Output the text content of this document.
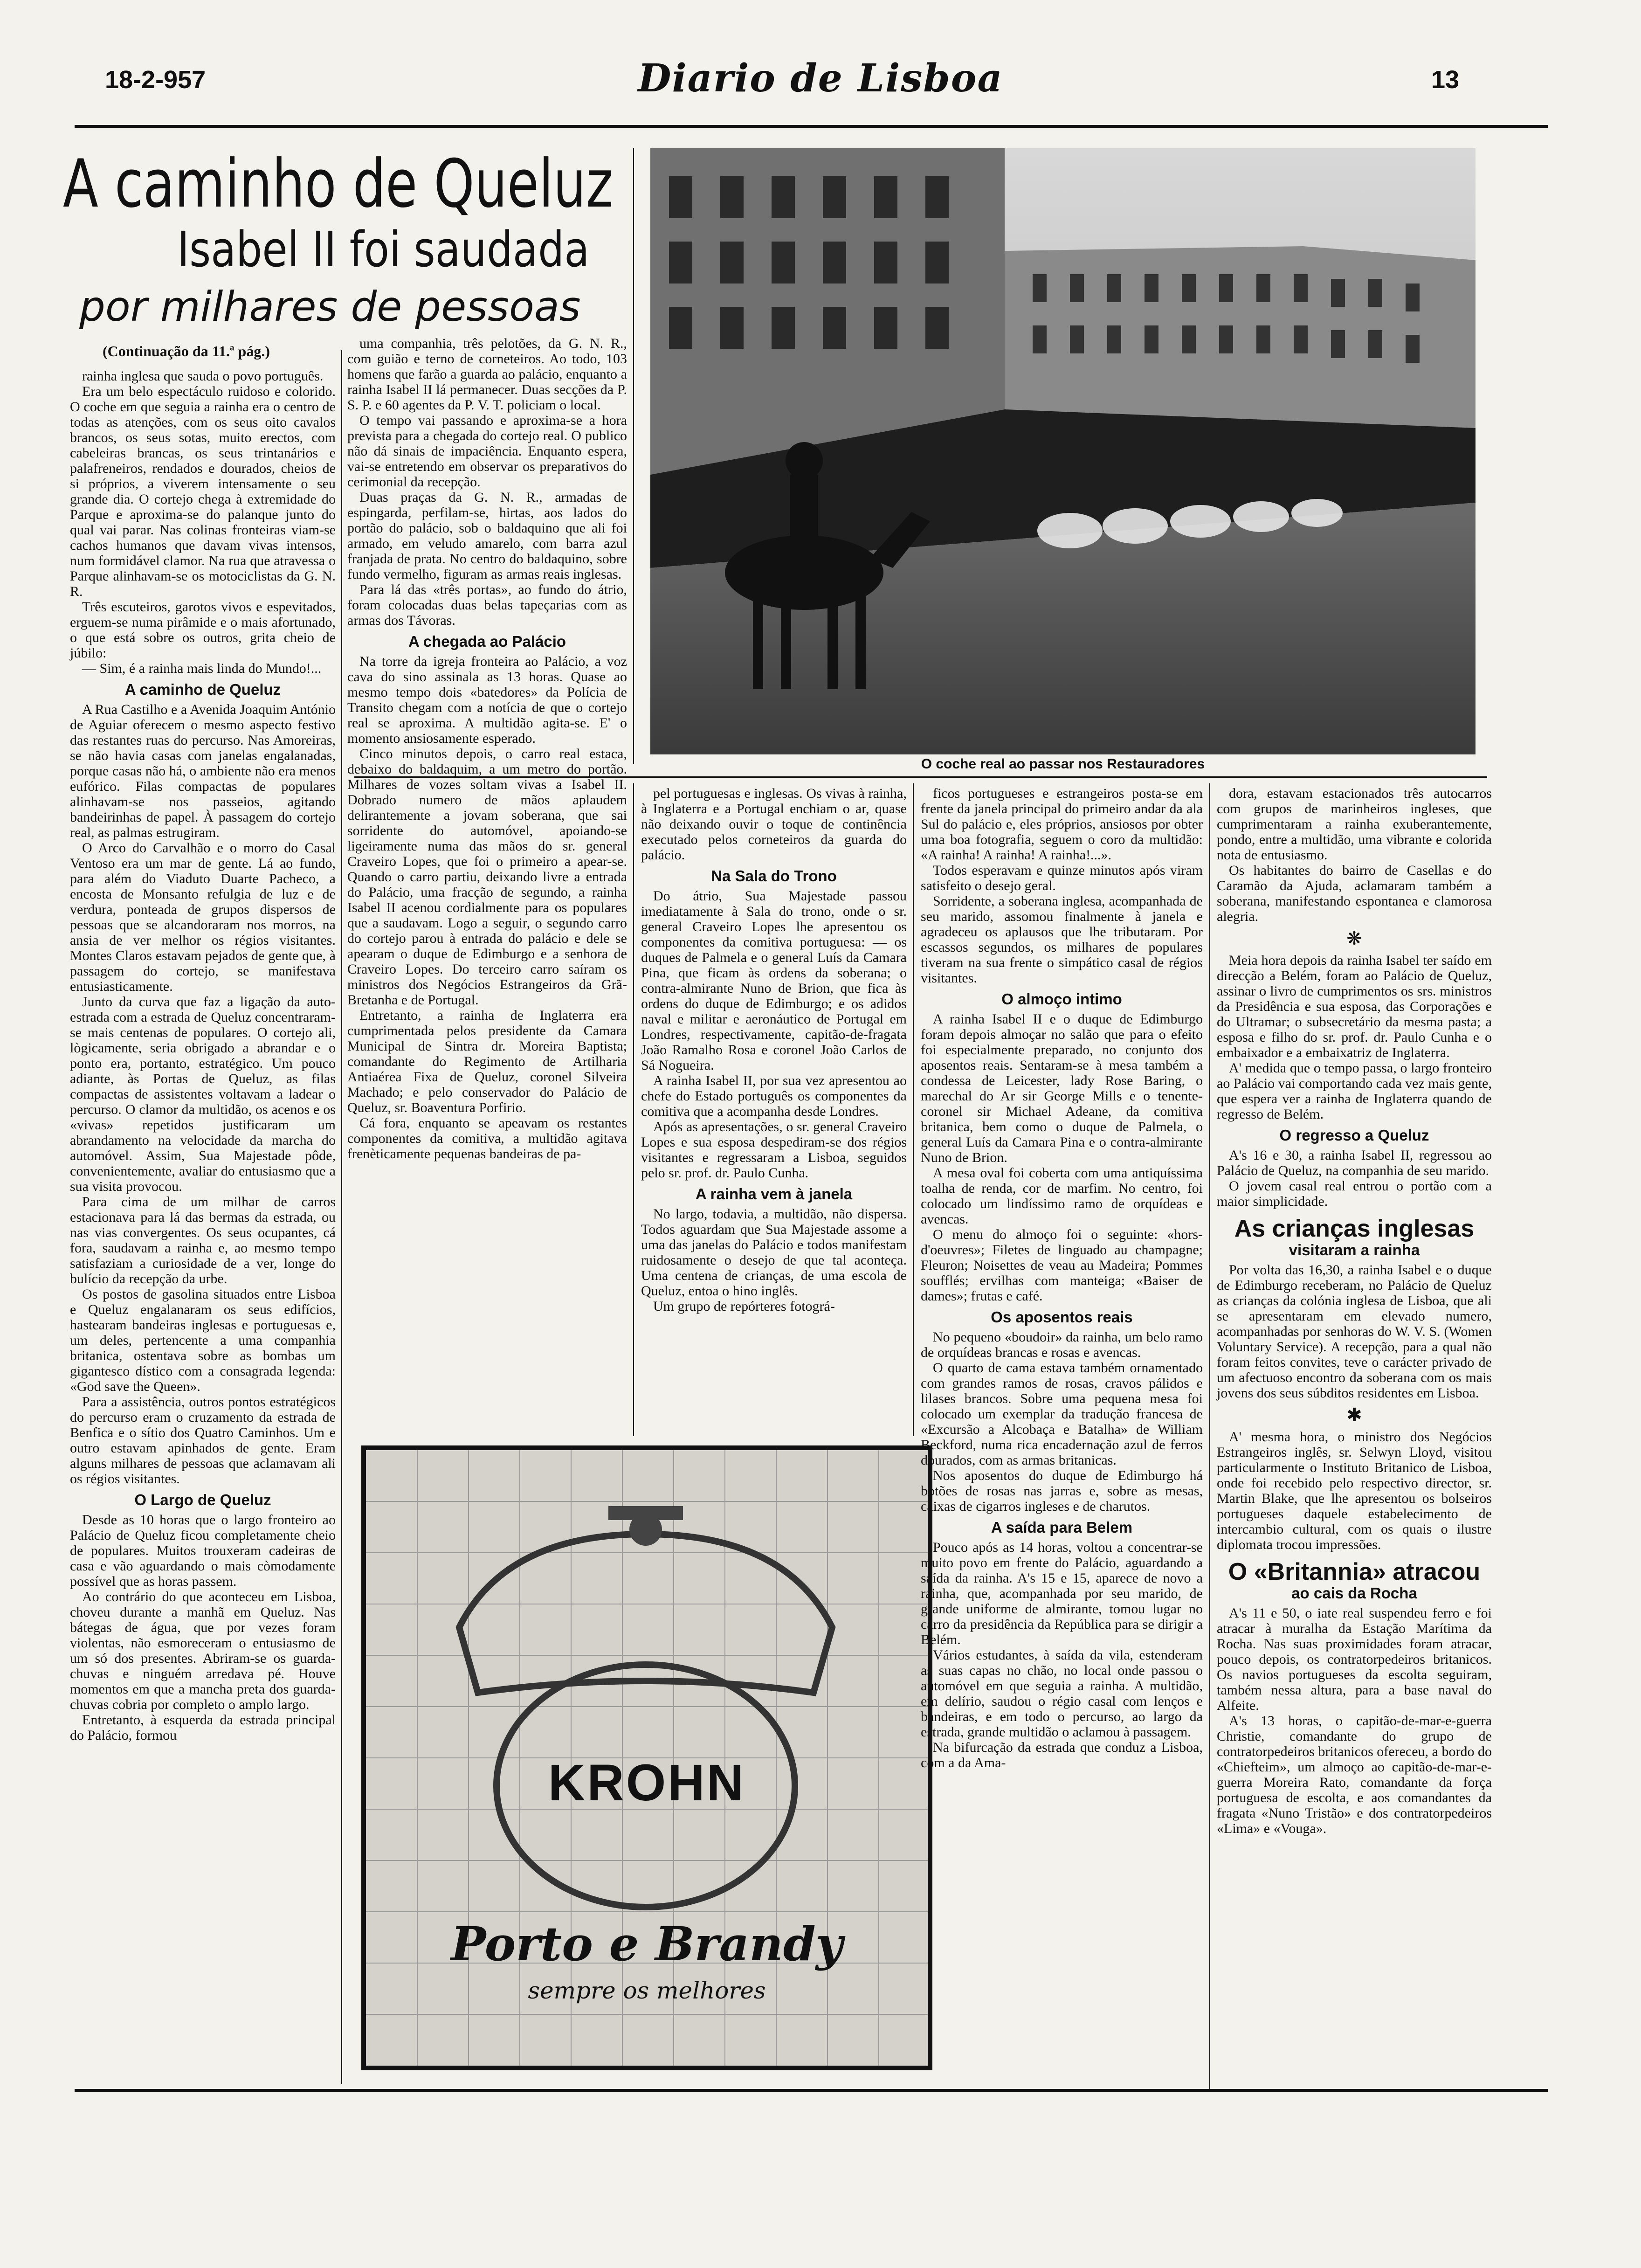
18-2-957	Diario de Lisboa	13
A caminho de Queluz
Isabel II foi saudada
por milhares de pessoas
(Continuação da 11.ª pág.)
O coche real ao passar nos Restauradores
KROHN
Porto e Brandy
sempre os melhores

rainha inglesa que sauda o povo português.

Era um belo espectáculo ruidoso e colorido. O coche em que seguia a rainha era o centro de todas as atenções, com os seus oito cavalos brancos, os seus sotas, muito erectos, com cabeleiras brancas, os seus trintanários e palafreneiros, rendados e dourados, cheios de si próprios, a viverem intensamente o seu grande dia. O cortejo chega à extremidade do Parque e aproxima-se do palanque junto do qual vai parar. Nas colinas fronteiras viam-se cachos humanos que davam vivas intensos, num formidável clamor. Na rua que atravessa o Parque alinhavam-se os motociclistas da G. N. R.

Três escuteiros, garotos vivos e espevitados, erguem-se numa pirâmide e o mais afortunado, o que está sobre os outros, grita cheio de júbilo:

— Sim, é a rainha mais linda do Mundo!...

A caminho de Queluz

A Rua Castilho e a Avenida Joaquim António de Aguiar oferecem o mesmo aspecto festivo das restantes ruas do percurso. Nas Amoreiras, se não havia casas com janelas engalanadas, porque casas não há, o ambiente não era menos eufórico. Filas compactas de populares alinhavam-se nos passeios, agitando bandeirinhas de papel. À passagem do cortejo real, as palmas estrugiram.

O Arco do Carvalhão e o morro do Casal Ventoso era um mar de gente. Lá ao fundo, para além do Viaduto Duarte Pacheco, a encosta de Monsanto refulgia de luz e de verdura, ponteada de grupos dispersos de pessoas que se alcandoraram nos morros, na ansia de ver melhor os régios visitantes. Montes Claros estavam pejados de gente que, à passagem do cortejo, se manifestava entusiasticamente.

Junto da curva que faz a ligação da auto-estrada com a estrada de Queluz concentraram-se mais centenas de populares. O cortejo ali, lògicamente, seria obrigado a abrandar e o ponto era, portanto, estratégico. Um pouco adiante, às Portas de Queluz, as filas compactas de assistentes voltavam a ladear o percurso. O clamor da multidão, os acenos e os «vivas» repetidos justificaram um abrandamento na velocidade da marcha do automóvel. Assim, Sua Majestade pôde, convenientemente, avaliar do entusiasmo que a sua visita provocou.

Para cima de um milhar de carros estacionava para lá das bermas da estrada, ou nas vias convergentes. Os seus ocupantes, cá fora, saudavam a rainha e, ao mesmo tempo satisfaziam a curiosidade de a ver, longe do bulício da recepção da urbe.

Os postos de gasolina situados entre Lisboa e Queluz engalanaram os seus edifícios, hastearam bandeiras inglesas e portuguesas e, um deles, pertencente a uma companhia britanica, ostentava sobre as bombas um gigantesco dístico com a consagrada legenda: «God save the Queen».

Para a assistência, outros pontos estratégicos do percurso eram o cruzamento da estrada de Benfica e o sítio dos Quatro Caminhos. Um e outro estavam apinhados de gente. Eram alguns milhares de pessoas que aclamavam ali os régios visitantes.

O Largo de Queluz

Desde as 10 horas que o largo fronteiro ao Palácio de Queluz ficou completamente cheio de populares. Muitos trouxeram cadeiras de casa e vão aguardando o mais còmodamente possível que as horas passem.

Ao contrário do que aconteceu em Lisboa, choveu durante a manhã em Queluz. Nas bátegas de água, que por vezes foram violentas, não esmoreceram o entusiasmo de um só dos presentes. Abriram-se os guarda-chuvas e ninguém arredava pé. Houve momentos em que a mancha preta dos guarda-chuvas cobria por completo o amplo largo.

Entretanto, à esquerda da estrada principal do Palácio, formou

uma companhia, três pelotões, da G. N. R., com guião e terno de corneteiros. Ao todo, 103 homens que farão a guarda ao palácio, enquanto a rainha Isabel II lá permanecer. Duas secções da P. S. P. e 60 agentes da P. V. T. policiam o local.

O tempo vai passando e aproxima-se a hora prevista para a chegada do cortejo real. O publico não dá sinais de impaciência. Enquanto espera, vai-se entretendo em observar os preparativos do cerimonial da recepção.

Duas praças da G. N. R., armadas de espingarda, perfilam-se, hirtas, aos lados do portão do palácio, sob o baldaquino que ali foi armado, em veludo amarelo, com barra azul franjada de prata. No centro do baldaquino, sobre fundo vermelho, figuram as armas reais inglesas.

Para lá das «três portas», ao fundo do átrio, foram colocadas duas belas tapeçarias com as armas dos Távoras.

A chegada ao Palácio

Na torre da igreja fronteira ao Palácio, a voz cava do sino assinala as 13 horas. Quase ao mesmo tempo dois «batedores» da Polícia de Transito chegam com a notícia de que o cortejo real se aproxima. A multidão agita-se. E' o momento ansiosamente esperado.

Cinco minutos depois, o carro real estaca, debaixo do baldaquim, a um metro do portão. Milhares de vozes soltam vivas a Isabel II. Dobrado numero de mãos aplaudem delirantemente a jovam soberana, que sai sorridente do automóvel, apoiando-se ligeiramente numa das mãos do sr. general Craveiro Lopes, que foi o primeiro a apear-se. Quando o carro partiu, deixando livre a entrada do Palácio, uma fracção de segundo, a rainha Isabel II acenou cordialmente para os populares que a saudavam. Logo a seguir, o segundo carro do cortejo parou à entrada do palácio e dele se apearam o duque de Edimburgo e a senhora de Craveiro Lopes. Do terceiro carro saíram os ministros dos Negócios Estrangeiros da Grã-Bretanha e de Portugal.

Entretanto, a rainha de Inglaterra era cumprimentada pelos presidente da Camara Municipal de Sintra dr. Moreira Baptista; comandante do Regimento de Artilharia Antiaérea Fixa de Queluz, coronel Silveira Machado; e pelo conservador do Palácio de Queluz, sr. Boaventura Porfirio.

Cá fora, enquanto se apeavam os restantes componentes da comitiva, a multidão agitava frenèticamente pequenas bandeiras de pa-

pel portuguesas e inglesas. Os vivas à rainha, à Inglaterra e a Portugal enchiam o ar, quase não deixando ouvir o toque de continência executado pelos corneteiros da guarda do palácio.

Na Sala do Trono

Do átrio, Sua Majestade passou imediatamente à Sala do trono, onde o sr. general Craveiro Lopes lhe apresentou os componentes da comitiva portuguesa: — os duques de Palmela e o general Luís da Camara Pina, que ficam às ordens da soberana; o contra-almirante Nuno de Brion, que fica às ordens do duque de Edimburgo; e os adidos naval e militar e aeronáutico de Portugal em Londres, respectivamente, capitão-de-fragata João Ramalho Rosa e coronel João Carlos de Sá Nogueira.

A rainha Isabel II, por sua vez apresentou ao chefe do Estado português os componentes da comitiva que a acompanha desde Londres.

Após as apresentações, o sr. general Craveiro Lopes e sua esposa despediram-se dos régios visitantes e regressaram a Lisboa, seguidos pelo sr. prof. dr. Paulo Cunha.

A rainha vem à janela

No largo, todavia, a multidão, não dispersa. Todos aguardam que Sua Majestade assome a uma das janelas do Palácio e todos manifestam ruidosamente o desejo de que tal aconteça. Uma centena de crianças, de uma escola de Queluz, entoa o hino inglês.

Um grupo de repórteres fotográ-

ficos portugueses e estrangeiros posta-se em frente da janela principal do primeiro andar da ala Sul do palácio e, eles próprios, ansiosos por obter uma boa fotografia, seguem o coro da multidão: «A rainha! A rainha! A rainha!...».

Todos esperavam e quinze minutos após viram satisfeito o desejo geral.

Sorridente, a soberana inglesa, acompanhada de seu marido, assomou finalmente à janela e agradeceu os aplausos que lhe tributaram. Por escassos segundos, os milhares de populares tiveram na sua frente o simpático casal de régios visitantes.

O almoço intimo

A rainha Isabel II e o duque de Edimburgo foram depois almoçar no salão que para o efeito foi especialmente preparado, no conjunto dos aposentos reais. Sentaram-se à mesa também a condessa de Leicester, lady Rose Baring, o marechal do Ar sir George Mills e o tenente-coronel sir Michael Adeane, da comitiva britanica, bem como o duque de Palmela, o general Luís da Camara Pina e o contra-almirante Nuno de Brion.

A mesa oval foi coberta com uma antiquíssima toalha de renda, cor de marfim. No centro, foi colocado um lindíssimo ramo de orquídeas e avencas.

O menu do almoço foi o seguinte: «hors-d'oeuvres»; Filetes de linguado au champagne; Fleuron; Noisettes de veau au Madeira; Pommes soufflés; ervilhas com manteiga; «Baiser de dames»; frutas e café.

Os aposentos reais

No pequeno «boudoir» da rainha, um belo ramo de orquídeas brancas e rosas e avencas.

O quarto de cama estava também ornamentado com grandes ramos de rosas, cravos pálidos e lilases brancos. Sobre uma pequena mesa foi colocado um exemplar da tradução francesa de «Excursão a Alcobaça e Batalha» de William Beckford, numa rica encadernação azul de ferros dourados, com as armas britanicas.

Nos aposentos do duque de Edimburgo há botões de rosas nas jarras e, sobre as mesas, caixas de cigarros ingleses e de charutos.

A saída para Belem

Pouco após as 14 horas, voltou a concentrar-se muito povo em frente do Palácio, aguardando a saída da rainha. A's 15 e 15, aparece de novo a rainha, que, acompanhada por seu marido, de grande uniforme de almirante, tomou lugar no carro da presidência da República para se dirigir a Belém.

Vários estudantes, à saída da vila, estenderam as suas capas no chão, no local onde passou o automóvel em que seguia a rainha. A multidão, em delírio, saudou o régio casal com lenços e bandeiras, e em todo o percurso, ao largo da estrada, grande multidão o aclamou à passagem.

Na bifurcação da estrada que conduz a Lisboa, com a da Ama-

dora, estavam estacionados três autocarros com grupos de marinheiros ingleses, que cumprimentaram a rainha exuberantemente, pondo, entre a multidão, uma vibrante e colorida nota de entusiasmo.

Os habitantes do bairro de Casellas e do Caramão da Ajuda, aclamaram também a soberana, manifestando espontanea e clamorosa alegria.

❋

Meia hora depois da rainha Isabel ter saído em direcção a Belém, foram ao Palácio de Queluz, assinar o livro de cumprimentos os srs. ministros da Presidência e sua esposa, das Corporações e do Ultramar; o subsecretário da mesma pasta; a esposa e filho do sr. prof. dr. Paulo Cunha e o embaixador e a embaixatriz de Inglaterra.

A' medida que o tempo passa, o largo fronteiro ao Palácio vai comportando cada vez mais gente, que espera ver a rainha de Inglaterra quando de regresso de Belém.

O regresso a Queluz

A's 16 e 30, a rainha Isabel II, regressou ao Palácio de Queluz, na companhia de seu marido.

O jovem casal real entrou o portão com a maior simplicidade.

As crianças inglesas
visitaram a rainha

Por volta das 16,30, a rainha Isabel e o duque de Edimburgo receberam, no Palácio de Queluz as crianças da colónia inglesa de Lisboa, que ali se apresentaram em elevado numero, acompanhadas por senhoras do W. V. S. (Women Voluntary Service). A recepção, para a qual não foram feitos convites, teve o carácter privado de um afectuoso encontro da soberana com os mais jovens dos seus súbditos residentes em Lisboa.

✱

A' mesma hora, o ministro dos Negócios Estrangeiros inglês, sr. Selwyn Lloyd, visitou particularmente o Instituto Britanico de Lisboa, onde foi recebido pelo respectivo director, sr. Martin Blake, que lhe apresentou os bolseiros portugueses daquele estabelecimento de intercambio cultural, com os quais o ilustre diplomata trocou impressões.

O «Britannia» atracou
ao cais da Rocha

A's 11 e 50, o iate real suspendeu ferro e foi atracar à muralha da Estação Marítima da Rocha. Nas suas proximidades foram atracar, pouco depois, os contratorpedeiros britanicos. Os navios portugueses da escolta seguiram, também nessa altura, para a base naval do Alfeite.

A's 13 horas, o capitão-de-mar-e-guerra Christie, comandante do grupo de contratorpedeiros britanicos ofereceu, a bordo do «Chiefteim», um almoço ao capitão-de-mar-e-guerra Moreira Rato, comandante da força portuguesa de escolta, e aos comandantes da fragata «Nuno Tristão» e dos contratorpedeiros «Lima» e «Vouga».
